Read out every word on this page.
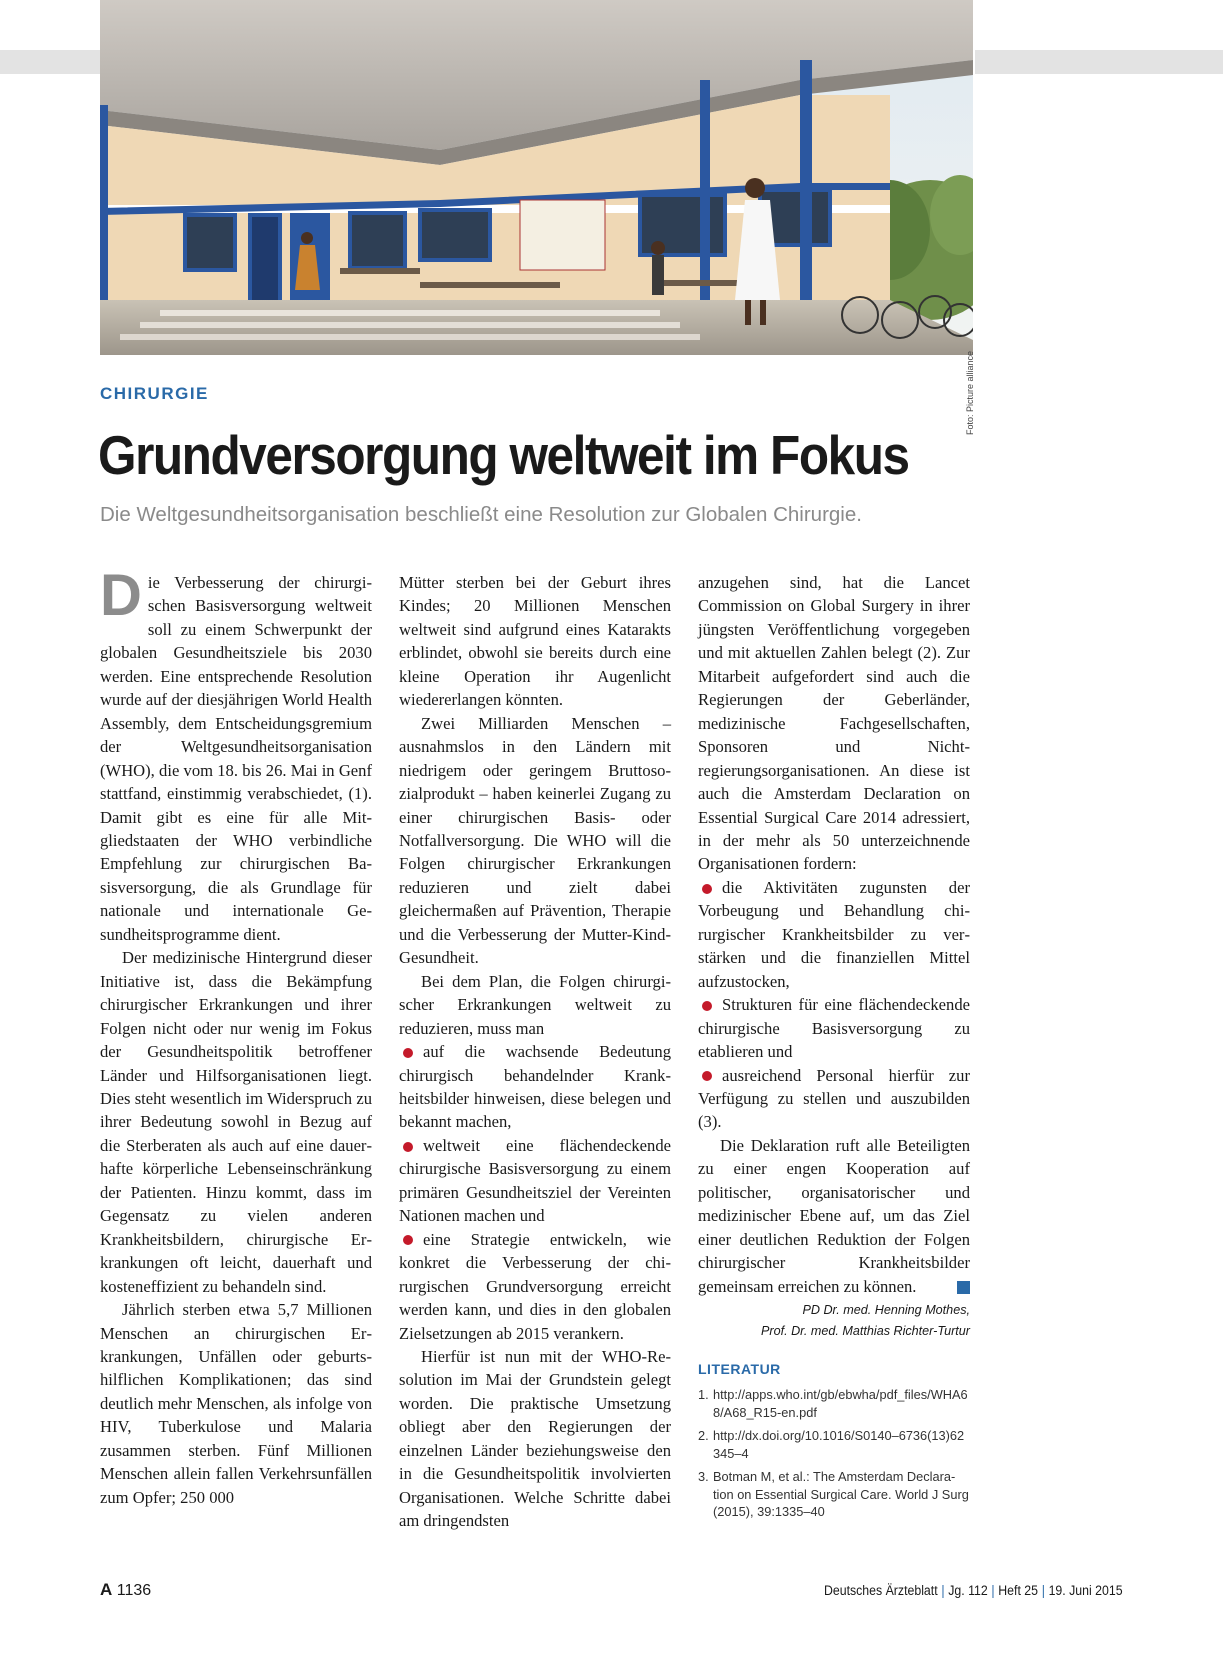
Foto: Picture alliance
CHIRURGIE
Grundversorgung weltweit im Fokus
Die Weltgesundheitsorganisation beschließt eine Resolution zur Globalen Chirurgie.

Die Verbesserung der chirurgischen Basisversorgung weltweit soll zu einem Schwerpunkt der globalen Gesundheitsziele bis 2030 werden. Eine entsprechende Resolution wurde auf der diesjährigen World Health Assembly, dem Entscheidungsgremium der Weltgesundheitsorganisation (WHO), die vom 18. bis 26. Mai in Genf stattfand, einstimmig verabschiedet, (1). Damit gibt es eine für alle Mitgliedstaaten der WHO verbindliche Empfehlung zur chirurgischen Basisversorgung, die als Grundlage für nationale und internationale Gesundheitsprogramme dient.

Der medizinische Hintergrund dieser Initiative ist, dass die Bekämpfung chirurgischer Erkrankungen und ihrer Folgen nicht oder nur wenig im Fokus der Gesundheitspolitik betroffener Länder und Hilfsorganisationen liegt. Dies steht wesentlich im Widerspruch zu ihrer Bedeutung sowohl in Bezug auf die Sterberaten als auch auf eine dauerhafte körperliche Lebenseinschränkung der Patienten. Hinzu kommt, dass im Gegensatz zu vielen anderen Krankheitsbildern, chirurgische Erkrankungen oft leicht, dauerhaft und kosteneffizient zu behandeln sind.

Jährlich sterben etwa 5,7 Millionen Menschen an chirurgischen Erkrankungen, Unfällen oder geburtshilflichen Komplikationen; das sind deutlich mehr Menschen, als infolge von HIV, Tuberkulose und Malaria zusammen sterben. Fünf Millionen Menschen allein fallen Verkehrsunfällen zum Opfer; 250 000

Mütter sterben bei der Geburt ihres Kindes; 20 Millionen Menschen weltweit sind aufgrund eines Katarakts erblindet, obwohl sie bereits durch eine kleine Operation ihr Augenlicht wiedererlangen könnten.

Zwei Milliarden Menschen – ausnahmslos in den Ländern mit niedrigem oder geringem Bruttosozialprodukt – haben keinerlei Zugang zu einer chirurgischen Basis- oder Notfallversorgung. Die WHO will die Folgen chirurgischer Erkrankungen reduzieren und zielt dabei gleichermaßen auf Prävention, Therapie und die Verbesserung der Mutter-Kind-Gesundheit.

Bei dem Plan, die Folgen chirurgischer Erkrankungen weltweit zu reduzieren, muss man

auf die wachsende Bedeutung chirurgisch behandelnder Krankheitsbilder hinweisen, diese belegen und bekannt machen,

weltweit eine flächendeckende chirurgische Basisversorgung zu einem primären Gesundheitsziel der Vereinten Nationen machen und

eine Strategie entwickeln, wie konkret die Verbesserung der chirurgischen Grundversorgung erreicht werden kann, und dies in den globalen Zielsetzungen ab 2015 verankern.

Hierfür ist nun mit der WHO-Resolution im Mai der Grundstein gelegt worden. Die praktische Umsetzung obliegt aber den Regierungen der einzelnen Länder beziehungsweise den in die Gesundheitspolitik involvierten Organisationen. Welche Schritte dabei am dringendsten

anzugehen sind, hat die Lancet Commission on Global Surgery in ihrer jüngsten Veröffentlichung vorgegeben und mit aktuellen Zahlen belegt (2). Zur Mitarbeit aufgefordert sind auch die Regierungen der Geberländer, medizinische Fachgesellschaften, Sponsoren und Nichtregierungsorganisationen. An diese ist auch die Amsterdam Declaration on Essential Surgical Care 2014 adressiert, in der mehr als 50 unterzeichnende Organisationen fordern:

die Aktivitäten zugunsten der Vorbeugung und Behandlung chirurgischer Krankheitsbilder zu verstärken und die finanziellen Mittel aufzustocken,

Strukturen für eine flächendeckende chirurgische Basisversorgung zu etablieren und

ausreichend Personal hierfür zur Verfügung zu stellen und auszubilden (3).

Die Deklaration ruft alle Beteiligten zu einer engen Kooperation auf politischer, organisatorischer und medizinischer Ebene auf, um das Ziel einer deutlichen Reduktion der Folgen chirurgischer Krankheitsbilder gemeinsam erreichen zu können.

PD Dr. med. Henning Mothes,
Prof. Dr. med. Matthias Richter-Turtur
LITERATUR
1. http://apps.who.int/gb/ebwha/pdf_files/WHA68/A68_R15-en.pdf
2. http://dx.doi.org/10.1016/S0140–6736(13)62345–4
3. Botman M, et al.: The Amsterdam Declaration on Essential Surgical Care. World J Surg (2015), 39:1335–40
A 1136	Deutsches Ärzteblatt | Jg. 112 | Heft 25 | 19. Juni 2015
